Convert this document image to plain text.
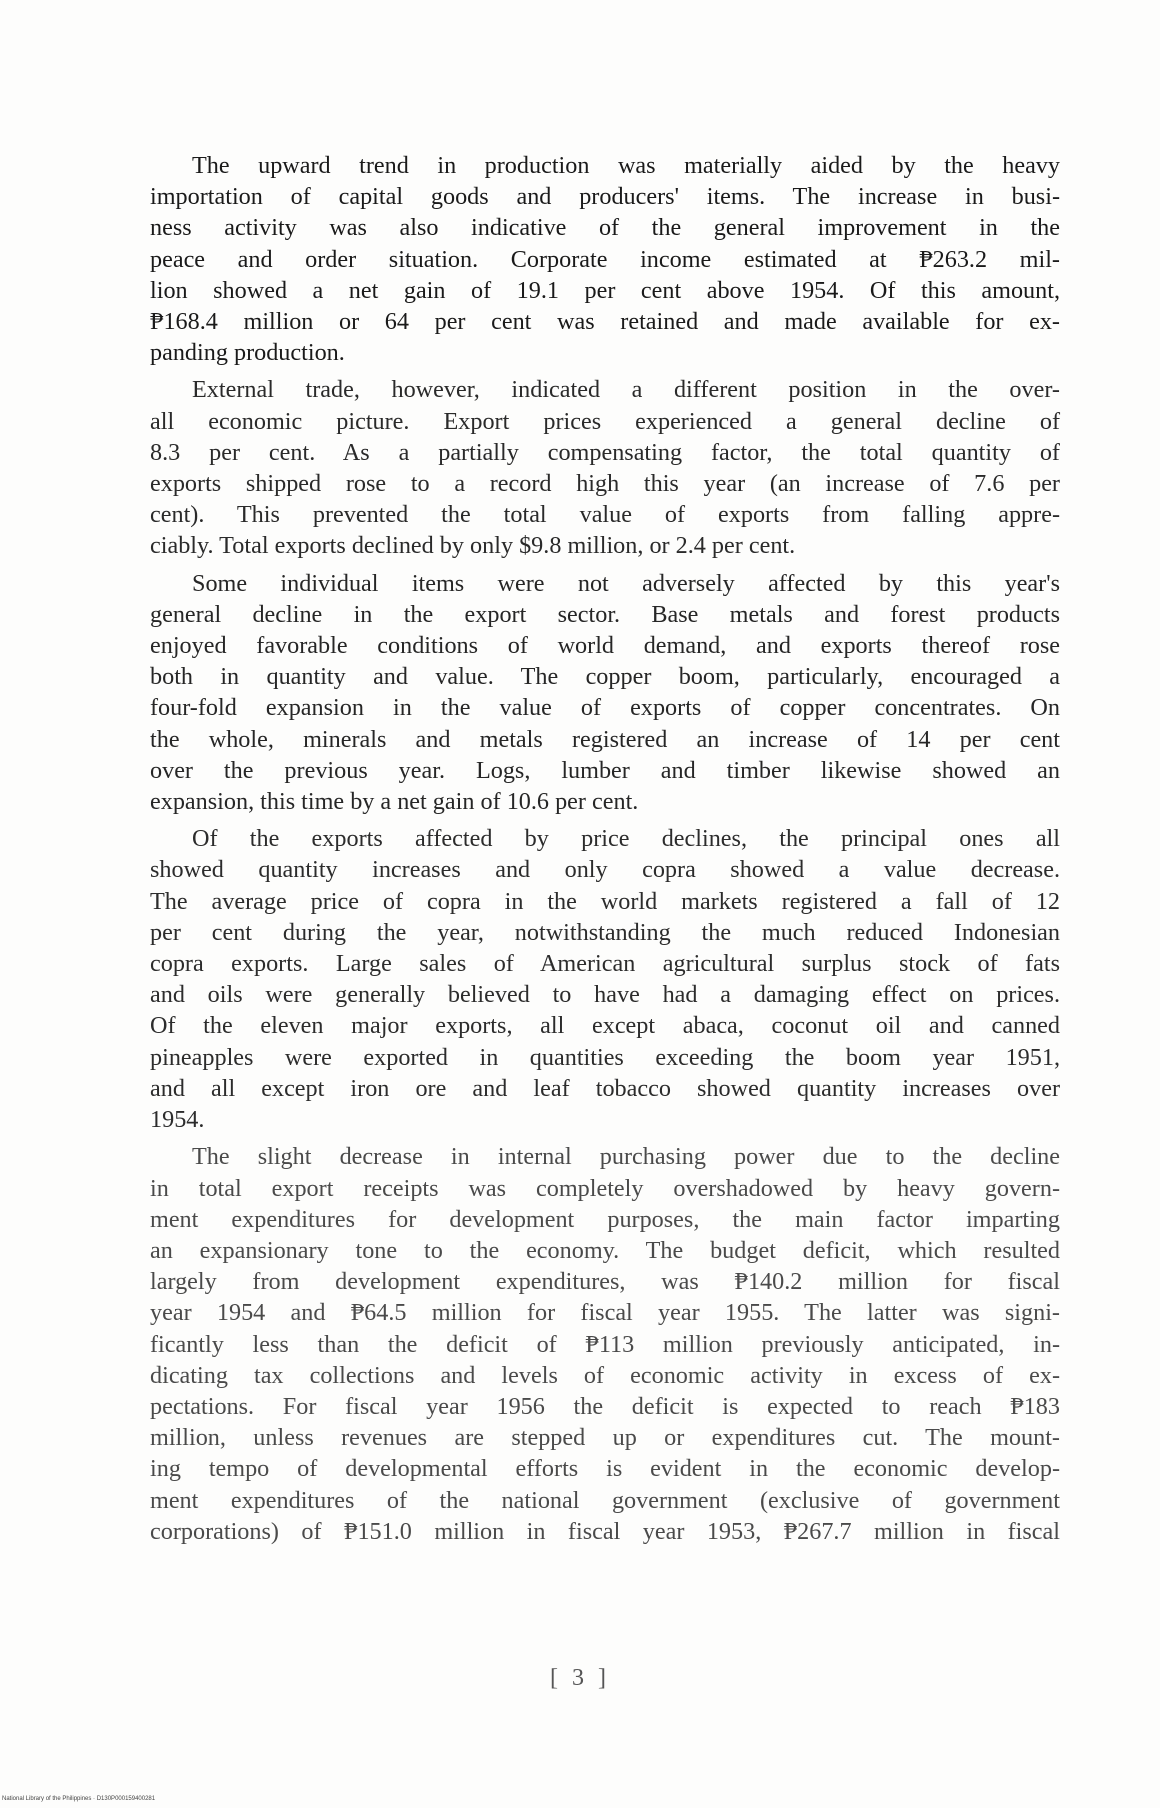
The upward trend in production was materially aided by the heavy
importation of capital goods and producers' items. The increase in busi-
ness activity was also indicative of the general improvement in the
peace and order situation. Corporate income estimated at ₱263.2 mil-
lion showed a net gain of 19.1 per cent above 1954. Of this amount,
₱168.4 million or 64 per cent was retained and made available for ex-
panding production.

External trade, however, indicated a different position in the over-
all economic picture. Export prices experienced a general decline of
8.3 per cent. As a partially compensating factor, the total quantity of
exports shipped rose to a record high this year (an increase of 7.6 per
cent). This prevented the total value of exports from falling appre-
ciably. Total exports declined by only $9.8 million, or 2.4 per cent.

Some individual items were not adversely affected by this year's
general decline in the export sector. Base metals and forest products
enjoyed favorable conditions of world demand, and exports thereof rose
both in quantity and value. The copper boom, particularly, encouraged a
four-fold expansion in the value of exports of copper concentrates. On
the whole, minerals and metals registered an increase of 14 per cent
over the previous year. Logs, lumber and timber likewise showed an
expansion, this time by a net gain of 10.6 per cent.

Of the exports affected by price declines, the principal ones all
showed quantity increases and only copra showed a value decrease.
The average price of copra in the world markets registered a fall of 12
per cent during the year, notwithstanding the much reduced Indonesian
copra exports. Large sales of American agricultural surplus stock of fats
and oils were generally believed to have had a damaging effect on prices.
Of the eleven major exports, all except abaca, coconut oil and canned
pineapples were exported in quantities exceeding the boom year 1951,
and all except iron ore and leaf tobacco showed quantity increases over
1954.

The slight decrease in internal purchasing power due to the decline
in total export receipts was completely overshadowed by heavy govern-
ment expenditures for development purposes, the main factor imparting
an expansionary tone to the economy. The budget deficit, which resulted
largely from development expenditures, was ₱140.2 million for fiscal
year 1954 and ₱64.5 million for fiscal year 1955. The latter was signi-
ficantly less than the deficit of ₱113 million previously anticipated, in-
dicating tax collections and levels of economic activity in excess of ex-
pectations. For fiscal year 1956 the deficit is expected to reach ₱183
million, unless revenues are stepped up or expenditures cut. The mount-
ing tempo of developmental efforts is evident in the economic develop-
ment expenditures of the national government (exclusive of government
corporations) of ₱151.0 million in fiscal year 1953, ₱267.7 million in fiscal

[ 3 ]
National Library of the Philippines · D130P000159400281
